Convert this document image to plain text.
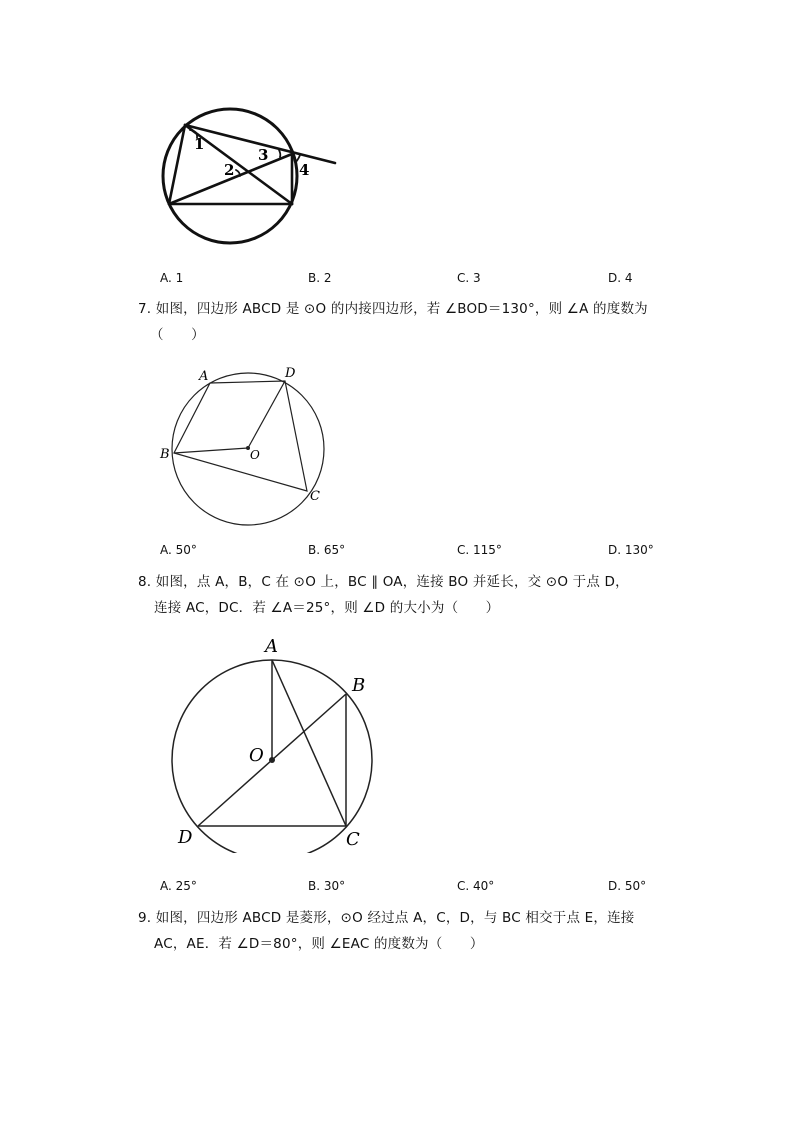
1
2
3
4
A. 1	B. 2	C. 3	D. 4
7. 如图，四边形 ABCD 是 ⊙O 的内接四边形，若 ∠BOD＝130°，则 ∠A 的度数为
（　　）
A	D
B	O
C
A. 50°	B. 65°	C. 115°	D. 130°
8. 如图，点 A，B，C 在 ⊙O 上，BC ∥ OA，连接 BO 并延长，交 ⊙O 于点 D，
连接 AC，DC．若 ∠A＝25°，则 ∠D 的大小为（　　）
A
B
O
D	C
A. 25°	B. 30°	C. 40°	D. 50°
9. 如图，四边形 ABCD 是菱形，⊙O 经过点 A，C，D，与 BC 相交于点 E，连接
AC，AE．若 ∠D＝80°，则 ∠EAC 的度数为（　　）
